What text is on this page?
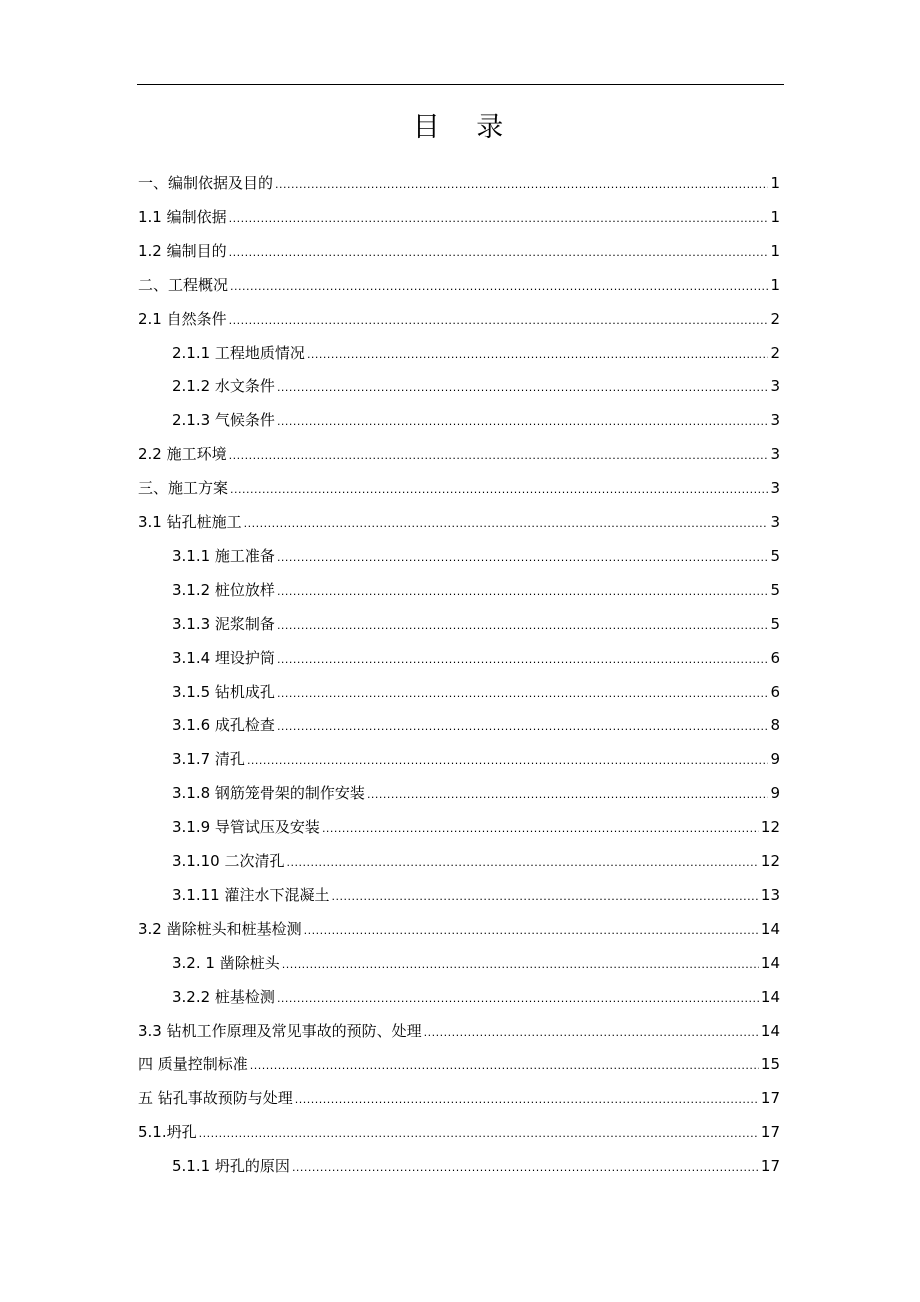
目 录
一、编制依据及目的 .....	1
1.1 编制依据 .....	1
1.2 编制目的 .....	1
二、工程概况 .....	1
2.1 自然条件 .....	2
2.1.1 工程地质情况 .....	2
2.1.2 水文条件 .....	3
2.1.3 气候条件 .....	3
2.2 施工环境 .....	3
三、施工方案 .....	3
3.1 钻孔桩施工 .....	3
3.1.1 施工准备 .....	5
3.1.2 桩位放样 .....	5
3.1.3 泥浆制备 .....	5
3.1.4 埋设护筒 .....	6
3.1.5 钻机成孔 .....	6
3.1.6 成孔检查 .....	8
3.1.7 清孔 .....	9
3.1.8 钢筋笼骨架的制作安装 .....	9
3.1.9 导管试压及安装 .....	12
3.1.10 二次清孔 .....	12
3.1.11 灌注水下混凝土 .....	13
3.2 凿除桩头和桩基检测 .....	14
3.2. 1 凿除桩头 .....	14
3.2.2 桩基检测 .....	14
3.3 钻机工作原理及常见事故的预防、处理 .....	14
四 质量控制标准 .....	15
五 钻孔事故预防与处理 .....	17
5.1.坍孔 .....	17
5.1.1 坍孔的原因 .....	17
